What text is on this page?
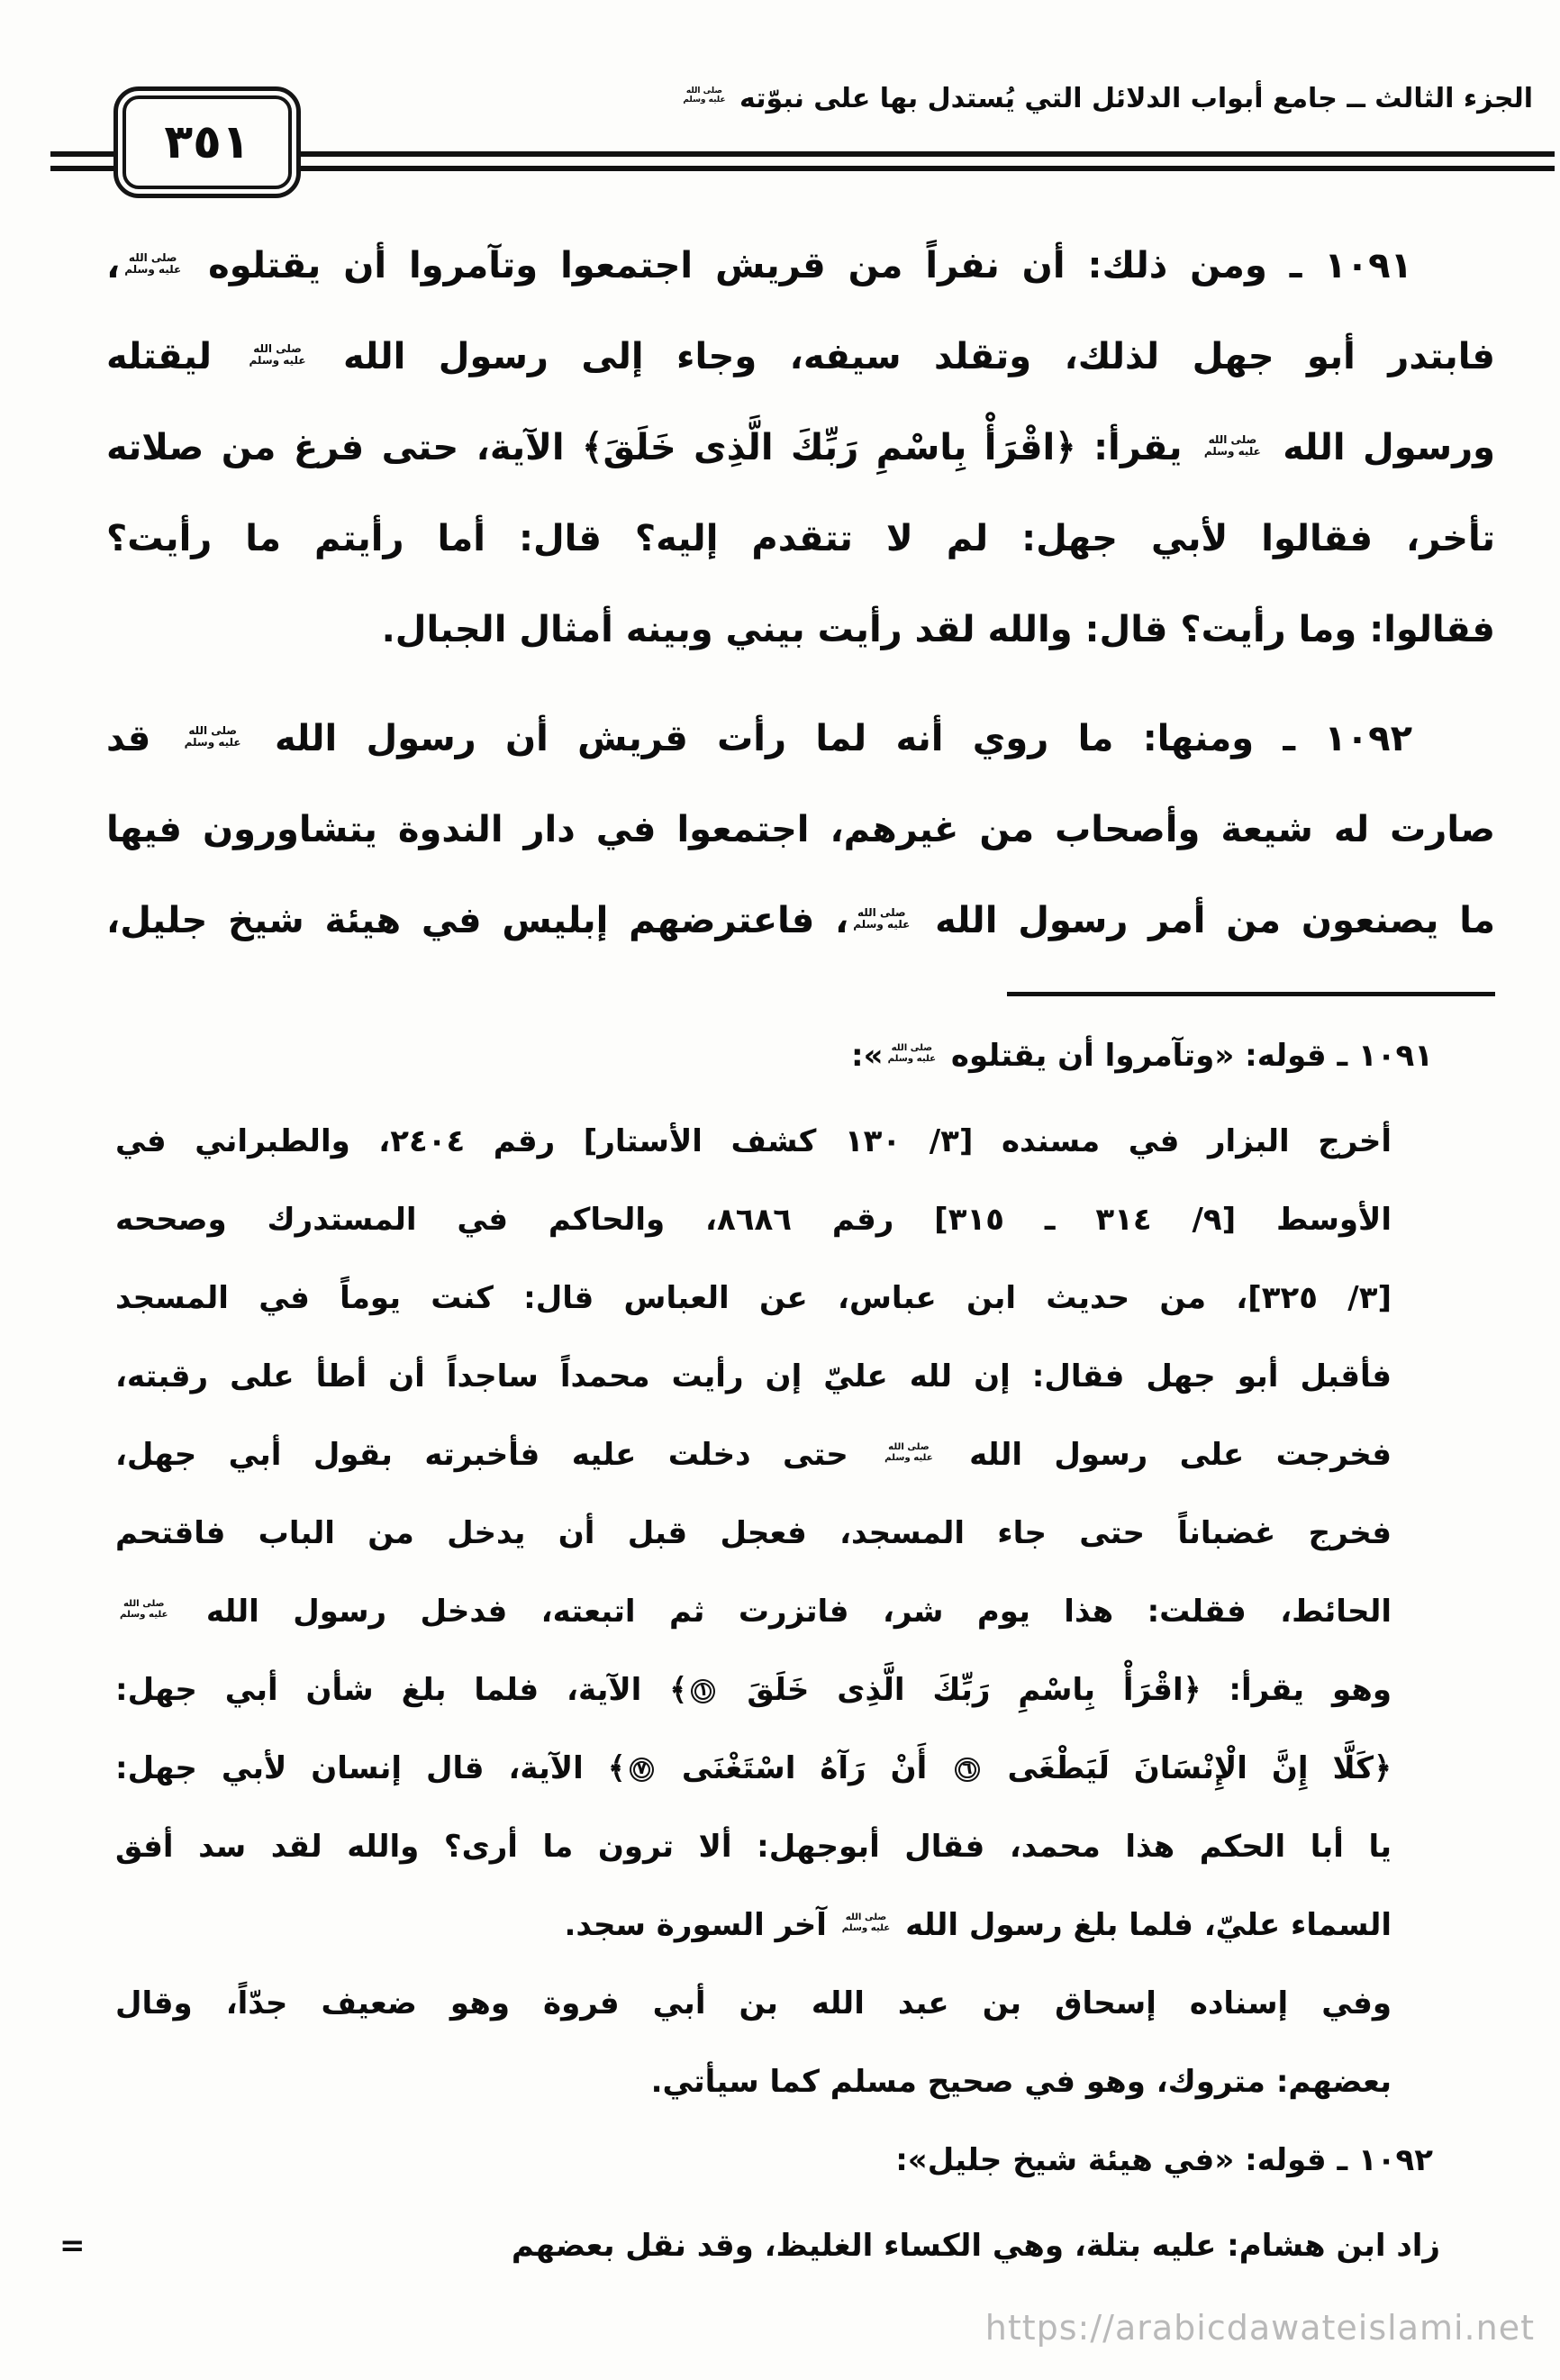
الجزء الثالث ــ جامع أبواب الدلائل التي يُستدل بها على نبوّته
صلى الله
عليه وسلم
٣٥١
١٠٩١ ـ ومن ذلك: أن نفراً من قريش اجتمعوا وتآمروا أن يقتلوه
صلى الله
عليه وسلم
،
فابتدر أبو جهل لذلك، وتقلد سيفه، وجاء إلى رسول الله
صلى الله
عليه وسلم
ليقتله
ورسول الله
صلى الله
عليه وسلم
يقرأ: ﴿اقْرَأْ بِاسْمِ رَبِّكَ الَّذِى خَلَقَ﴾ الآية، حتى فرغ من صلاته
تأخر، فقالوا لأبي جهل: لم لا تتقدم إليه؟ قال: أما رأيتم ما رأيت؟
فقالوا: وما رأيت؟ قال: والله لقد رأيت بيني وبينه أمثال الجبال.
١٠٩٢ ـ ومنها: ما روي أنه لما رأت قريش أن رسول الله
صلى الله
عليه وسلم
قد
صارت له شيعة وأصحاب من غيرهم، اجتمعوا في دار الندوة يتشاورون فيها
ما يصنعون من أمر رسول الله
صلى الله
عليه وسلم
، فاعترضهم إبليس في هيئة شيخ جليل،
١٠٩١ ـ قوله: «وتآمروا أن يقتلوه
صلى الله
عليه وسلم
»:
أخرج البزار في مسنده [٣/ ١٣٠ كشف الأستار] رقم ٢٤٠٤، والطبراني في
الأوسط [٩/ ٣١٤ ـ ٣١٥] رقم ٨٦٨٦، والحاكم في المستدرك وصححه
[٣/ ٣٢٥]، من حديث ابن عباس، عن العباس قال: كنت يوماً في المسجد
فأقبل أبو جهل فقال: إن لله عليّ إن رأيت محمداً ساجداً أن أطأ على رقبته،
فخرجت على رسول الله
صلى الله
عليه وسلم
حتى دخلت عليه فأخبرته بقول أبي جهل،
فخرج غضباناً حتى جاء المسجد، فعجل قبل أن يدخل من الباب فاقتحم
الحائط، فقلت: هذا يوم شر، فاتزرت ثم اتبعته، فدخل رسول الله
صلى الله
عليه وسلم
وهو يقرأ: ﴿اقْرَأْ بِاسْمِ رَبِّكَ الَّذِى خَلَقَ ١﴾ الآية، فلما بلغ شأن أبي جهل:
﴿كَلَّا إِنَّ الْإِنْسَانَ لَيَطْغَى ٦ أَنْ رَآهُ اسْتَغْنَى ٧﴾ الآية، قال إنسان لأبي جهل:
يا أبا الحكم هذا محمد، فقال أبوجهل: ألا ترون ما أرى؟ والله لقد سد أفق
السماء عليّ، فلما بلغ رسول الله
صلى الله
عليه وسلم
آخر السورة سجد.
وفي إسناده إسحاق بن عبد الله بن أبي فروة وهو ضعيف جدّاً، وقال
بعضهم: متروك، وهو في صحيح مسلم كما سيأتي.
١٠٩٢ ـ قوله: «في هيئة شيخ جليل»:
زاد ابن هشام: عليه بتلة، وهي الكساء الغليظ، وقد نقل بعضهم
=
https://arabicdawateislami.net
